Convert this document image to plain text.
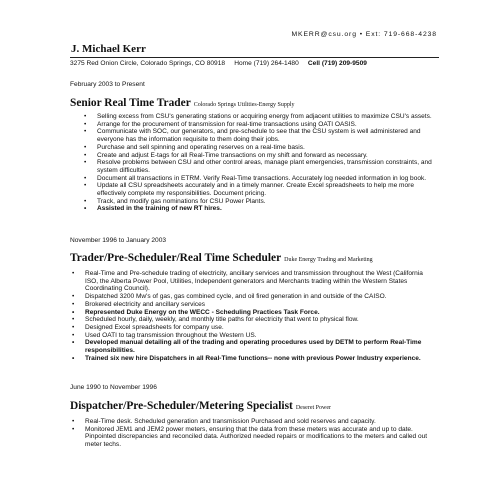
MKERR@csu.org • Ext: 719-668-4238
J. Michael Kerr
3275 Red Onion Circle, Colorado Springs, CO 80918 Home (719) 264-1480 Cell (719) 209-9509
February 2003 to Present
Senior Real Time Trader Colorado Springs Utilities-Energy Supply
• Selling excess from CSU's generating stations or acquiring energy from adjacent utilities to maximize CSU's assets.
• Arrange for the procurement of transmission for real-time transactions using OATI OASIS.
• Communicate with SOC, our generators, and pre-schedule to see that the CSU system is well administered and everyone has the information requisite to them doing their jobs.
• Purchase and sell spinning and operating reserves on a real-time basis.
• Create and adjust E-tags for all Real-Time transactions on my shift and forward as necessary.
• Resolve problems between CSU and other control areas, manage plant emergencies, transmission constraints, and system difficulties.
• Document all transactions in ETRM. Verify Real-Time transactions. Accurately log needed information in log book.
• Update all CSU spreadsheets accurately and in a timely manner. Create Excel spreadsheets to help me more effectively complete my responsibilities. Document pricing.
• Track, and modify gas nominations for CSU Power Plants.
• Assisted in the training of new RT hires.
November 1996 to January 2003
Trader/Pre-Scheduler/Real Time Scheduler Duke Energy Trading and Marketing
• Real-Time and Pre-schedule trading of electricity, ancillary services and transmission throughout the West (California ISO, the Alberta Power Pool, Utilities, Independent generators and Merchants trading within the Western States Coordinating Council).
• Dispatched 3200 Mw's of gas, gas combined cycle, and oil fired generation in and outside of the CAISO.
• Brokered electricity and ancillary services
• Represented Duke Energy on the WECC - Scheduling Practices Task Force.
• Scheduled hourly, daily, weekly, and monthly title paths for electricity that went to physical flow.
• Designed Excel spreadsheets for company use.
• Used OATI to tag transmission throughout the Western US.
• Developed manual detailing all of the trading and operating procedures used by DETM to perform Real-Time responsibilities.
• Trained six new hire Dispatchers in all Real-Time functions-- none with previous Power Industry experience.
June 1990 to November 1996
Dispatcher/Pre-Scheduler/Metering Specialist Deseret Power
• Real-Time desk. Scheduled generation and transmission Purchased and sold reserves and capacity.
• Monitored JEM1 and JEM2 power meters, ensuring that the data from these meters was accurate and up to date. Pinpointed discrepancies and reconciled data. Authorized needed repairs or modifications to the meters and called out meter techs.
